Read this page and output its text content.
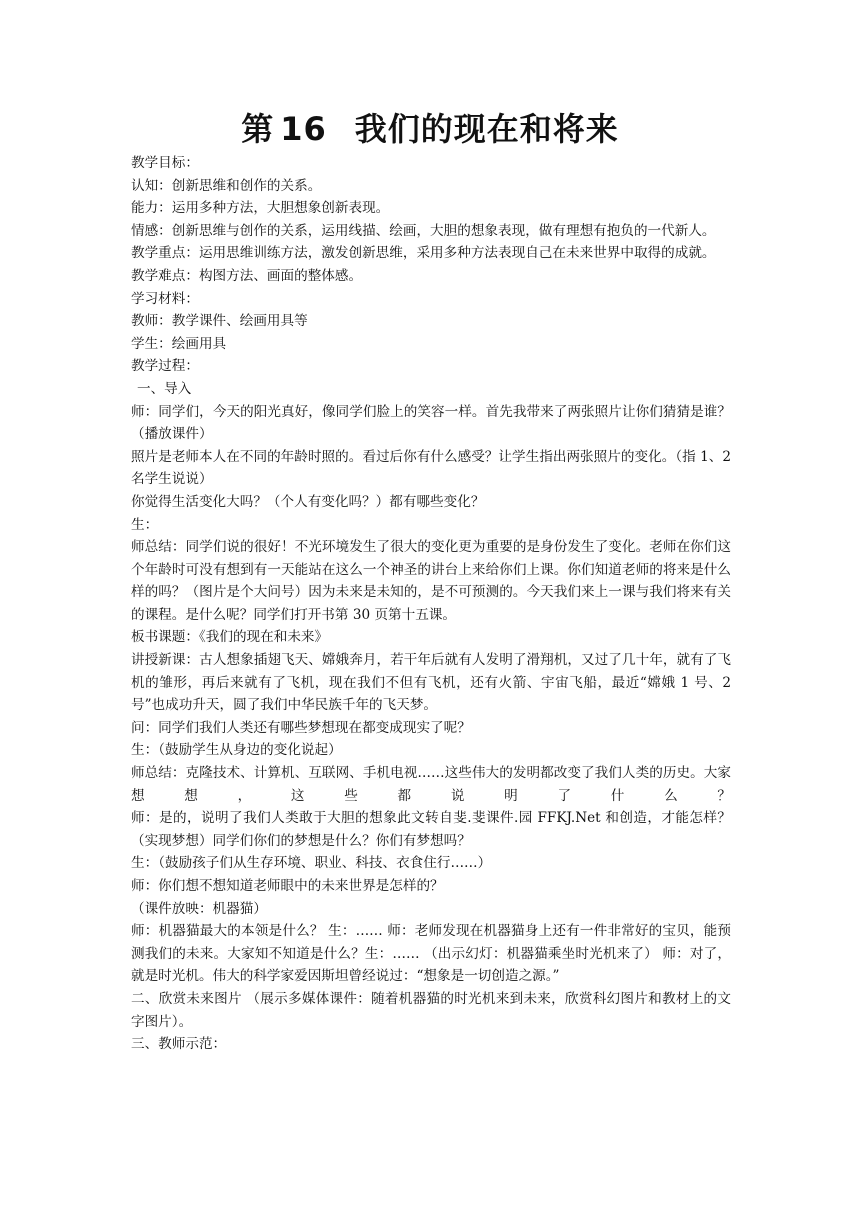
第 16 我们的现在和将来

教学目标：

认知：创新思维和创作的关系。

能力：运用多种方法，大胆想象创新表现。

情感：创新思维与创作的关系，运用线描、绘画，大胆的想象表现，做有理想有抱负的一代新人。

教学重点：运用思维训练方法，激发创新思维，采用多种方法表现自己在未来世界中取得的成就。

教学难点：构图方法、画面的整体感。

学习材料：

教师：教学课件、绘画用具等

学生：绘画用具

教学过程：

一、导入

师：同学们，今天的阳光真好，像同学们脸上的笑容一样。首先我带来了两张照片让你们猜猜是谁？（播放课件）

照片是老师本人在不同的年龄时照的。看过后你有什么感受？让学生指出两张照片的变化。（指 1、2 名学生说说）

你觉得生活变化大吗？（个人有变化吗？）都有哪些变化？

生：

师总结：同学们说的很好！不光环境发生了很大的变化更为重要的是身份发生了变化。老师在你们这个年龄时可没有想到有一天能站在这么一个神圣的讲台上来给你们上课。你们知道老师的将来是什么样的吗？（图片是个大问号）因为未来是未知的，是不可预测的。今天我们来上一课与我们将来有关的课程。是什么呢？同学们打开书第 30 页第十五课。

板书课题：《我们的现在和未来》

讲授新课：古人想象插翅飞天、嫦娥奔月，若干年后就有人发明了滑翔机，又过了几十年，就有了飞机的雏形，再后来就有了飞机，现在我们不但有飞机，还有火箭、宇宙飞船，最近“嫦娥 1 号、2 号”也成功升天，圆了我们中华民族千年的飞天梦。

问：同学们我们人类还有哪些梦想现在都变成现实了呢？

生：（鼓励学生从身边的变化说起）

师总结：克隆技术、计算机、互联网、手机电视……这些伟大的发明都改变了我们人类的历史。大家想想，这些都说明了什么？

师：是的，说明了我们人类敢于大胆的想象此文转自斐.斐课件.园 FFKJ.Net 和创造，才能怎样？（实现梦想）同学们你们的梦想是什么？你们有梦想吗？

生：（鼓励孩子们从生存环境、职业、科技、衣食住行……）

师：你们想不想知道老师眼中的未来世界是怎样的？

（课件放映：机器猫）

师：机器猫最大的本领是什么？ 生：…… 师：老师发现在机器猫身上还有一件非常好的宝贝，能预测我们的未来。大家知不知道是什么？生：…… （出示幻灯：机器猫乘坐时光机来了） 师：对了，就是时光机。伟大的科学家爱因斯坦曾经说过：“想象是一切创造之源。”

二、欣赏未来图片 （展示多媒体课件：随着机器猫的时光机来到未来，欣赏科幻图片和教材上的文字图片）。

三、教师示范：
